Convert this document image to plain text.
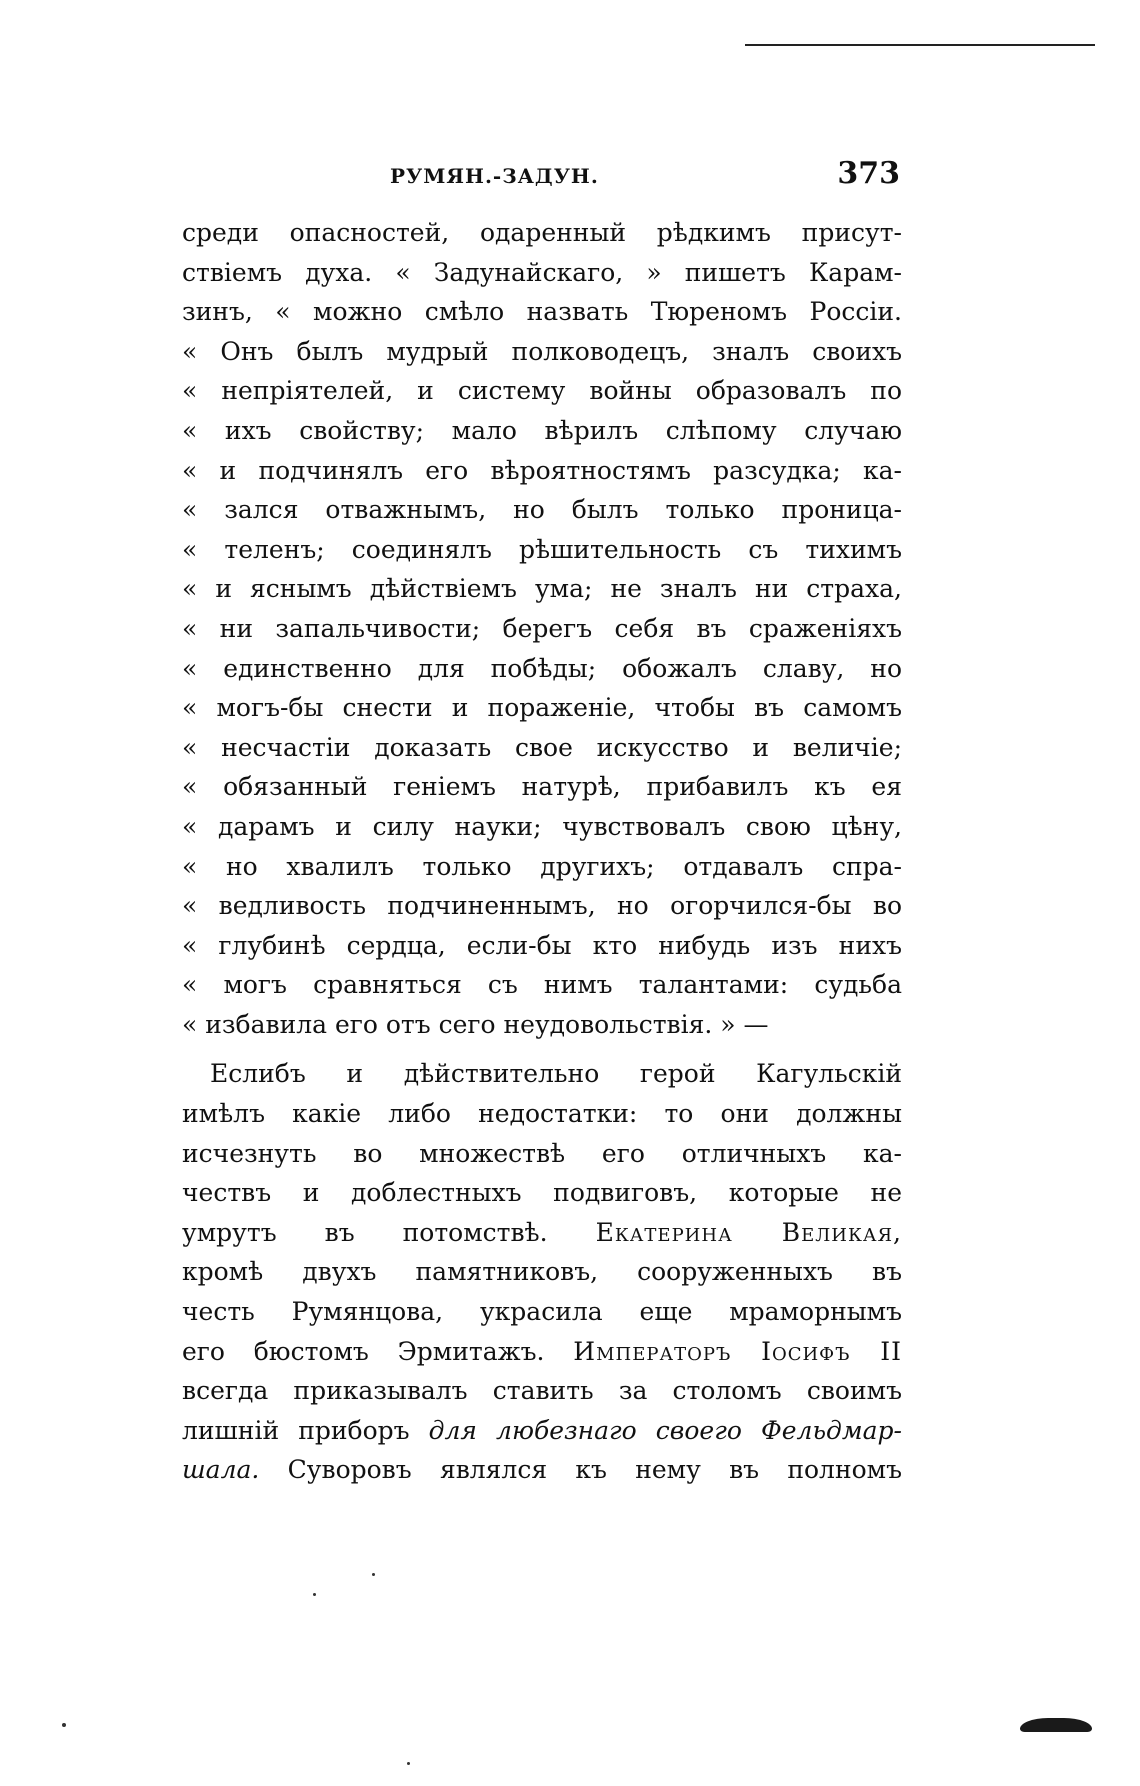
РУМЯН.-ЗАДУН.	373
среди опасностей, одаренный рѣдкимъ присут-
ствіемъ духа. « Задунайскаго, » пишетъ Карам-
зинъ, « можно смѣло назвать Тюреномъ Россіи.
« Онъ былъ мудрый полководецъ, зналъ своихъ
« непріятелей, и систему войны образовалъ по
« ихъ свойству; мало вѣрилъ слѣпому случаю
« и подчинялъ его вѣроятностямъ разсудка; ка-
« зался отважнымъ, но былъ только проница-
« теленъ; соединялъ рѣшительность съ тихимъ
« и яснымъ дѣйствіемъ ума; не зналъ ни страха,
« ни запальчивости; берегъ себя въ сраженіяхъ
« единственно для побѣды; обожалъ славу, но
« могъ-бы снести и пораженіе, чтобы въ самомъ
« несчастіи доказать свое искусство и величіе;
« обязанный геніемъ натурѣ, прибавилъ къ ея
« дарамъ и силу науки; чувствовалъ свою цѣну,
« но хвалилъ только другихъ; отдавалъ спра-
« ведливость подчиненнымъ, но огорчился-бы во
« глубинѣ сердца, если-бы кто нибудь изъ нихъ
« могъ сравняться съ нимъ талантами: судьба
« избавила его отъ сего неудовольствія. » —
Еслибъ и дѣйствительно герой Кагульскій
имѣлъ какіе либо недостатки: то они должны
исчезнуть во множествѣ его отличныхъ ка-
чествъ и доблестныхъ подвиговъ, которые не
умрутъ въ потомствѣ. Екатерина Великая,
кромѣ двухъ памятниковъ, сооруженныхъ въ
честь Румянцова, украсила еще мраморнымъ
его бюстомъ Эрмитажъ. Императоръ Іосифъ II
всегда приказывалъ ставить за столомъ своимъ
лишній приборъ для любезнаго своего Фельдмар-
шала. Суворовъ являлся къ нему въ полномъ
